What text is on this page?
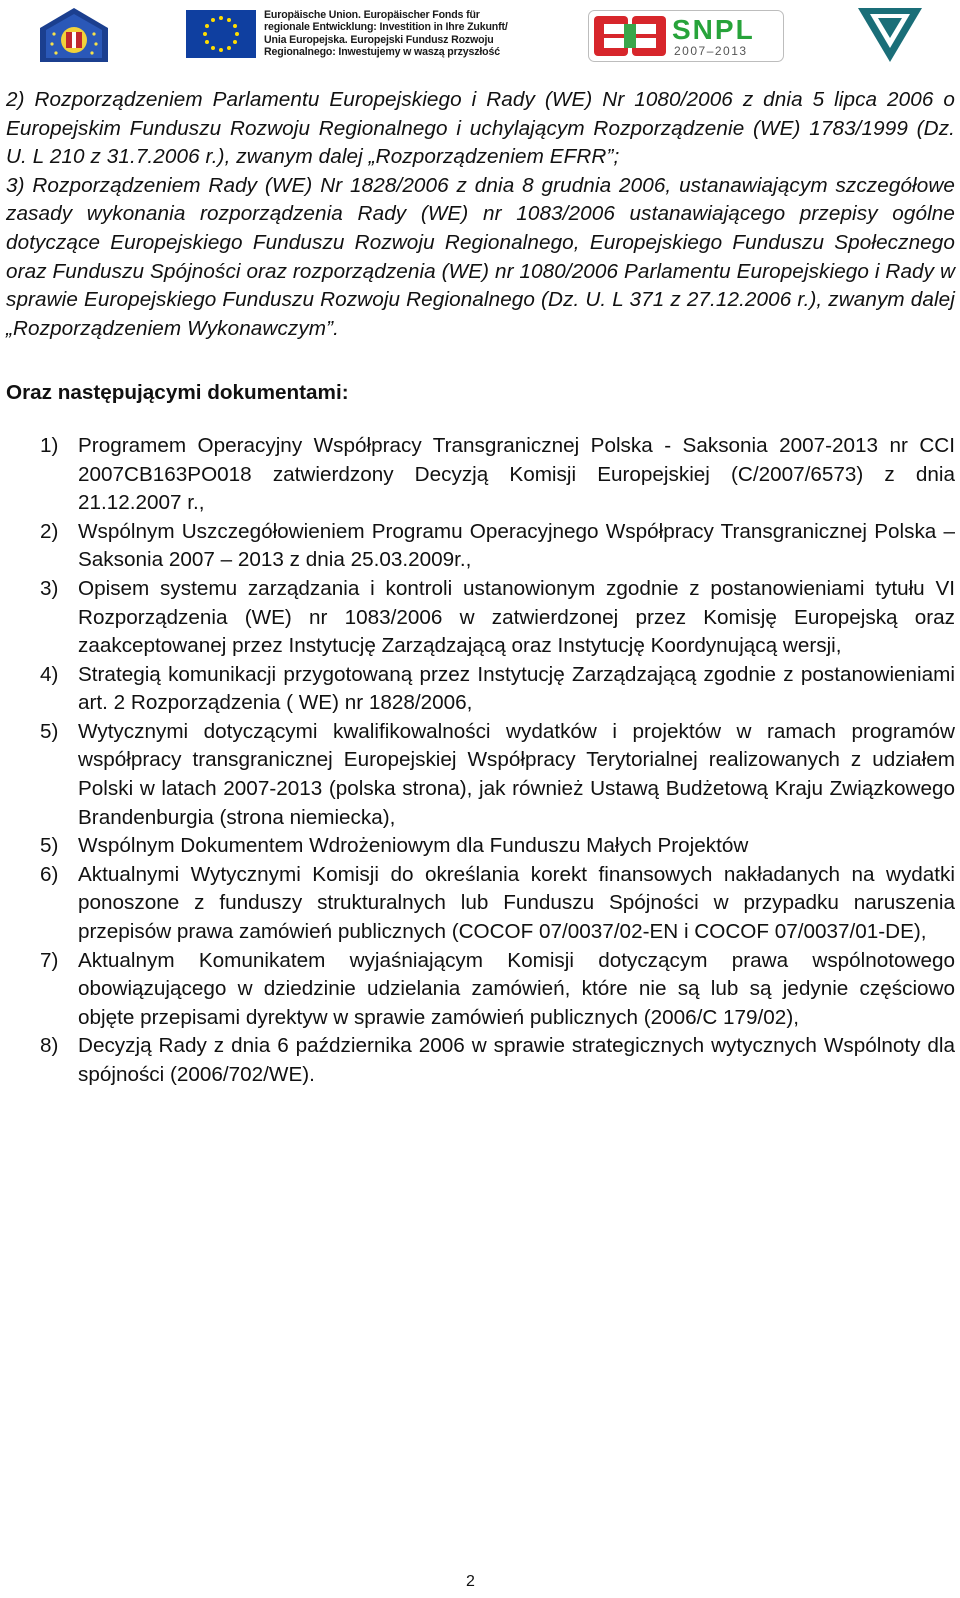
Europäische Union. Europäischer Fonds für
regionale Entwicklung: Investition in Ihre Zukunft/
Unia Europejska. Europejski Fundusz Rozwoju
Regionalnego: Inwestujemy w waszą przyszłość
SNPL
2007–2013

2) Rozporządzeniem Parlamentu Europejskiego i Rady (WE) Nr 1080/2006 z dnia 5 lipca 2006 o Europejskim Funduszu Rozwoju Regionalnego i uchylającym Rozporządzenie (WE) 1783/1999 (Dz. U. L 210 z 31.7.2006 r.), zwanym dalej „Rozporządzeniem EFRR”;

3) Rozporządzeniem Rady (WE) Nr 1828/2006 z dnia 8 grudnia 2006, ustanawiającym szczegółowe zasady wykonania rozporządzenia Rady (WE) nr 1083/2006 ustanawiającego przepisy ogólne dotyczące Europejskiego Funduszu Rozwoju Regionalnego, Europejskiego Funduszu Społecznego oraz Funduszu Spójności oraz rozporządzenia (WE) nr 1080/2006 Parlamentu Europejskiego i Rady w sprawie Europejskiego Funduszu Rozwoju Regionalnego (Dz. U. L 371 z 27.12.2006 r.), zwanym dalej „Rozporządzeniem Wykonawczym”.

Oraz następującymi dokumentami:
1) Programem Operacyjny Współpracy Transgranicznej Polska - Saksonia 2007-2013 nr CCI 2007CB163PO018 zatwierdzony Decyzją Komisji Europejskiej (C/2007/6573) z dnia 21.12.2007 r.,
2) Wspólnym Uszczegółowieniem Programu Operacyjnego Współpracy Transgranicznej Polska – Saksonia 2007 – 2013 z dnia 25.03.2009r.,
3) Opisem systemu zarządzania i kontroli ustanowionym zgodnie z postanowieniami tytułu VI Rozporządzenia (WE) nr 1083/2006 w zatwierdzonej przez Komisję Europejską oraz zaakceptowanej przez Instytucję Zarządzającą oraz Instytucję Koordynującą wersji,
4) Strategią komunikacji przygotowaną przez Instytucję Zarządzającą zgodnie z postanowieniami art. 2 Rozporządzenia ( WE) nr 1828/2006,
5) Wytycznymi dotyczącymi kwalifikowalności wydatków i projektów w ramach programów współpracy transgranicznej Europejskiej Współpracy Terytorialnej realizowanych z udziałem Polski w latach 2007-2013 (polska strona), jak również Ustawą Budżetową Kraju Związkowego Brandenburgia (strona niemiecka),
5) Wspólnym Dokumentem Wdrożeniowym dla Funduszu Małych Projektów
6) Aktualnymi Wytycznymi Komisji do określania korekt finansowych nakładanych na wydatki ponoszone z funduszy strukturalnych lub Funduszu Spójności w przypadku naruszenia przepisów prawa zamówień publicznych (COCOF 07/0037/02-EN i COCOF 07/0037/01-DE),
7) Aktualnym Komunikatem wyjaśniającym Komisji dotyczącym prawa wspólnotowego obowiązującego w dziedzinie udzielania zamówień, które nie są lub są jedynie częściowo objęte przepisami dyrektyw w sprawie zamówień publicznych (2006/C 179/02),
8) Decyzją Rady z dnia 6 października 2006 w sprawie strategicznych wytycznych Wspólnoty dla spójności (2006/702/WE).
2
